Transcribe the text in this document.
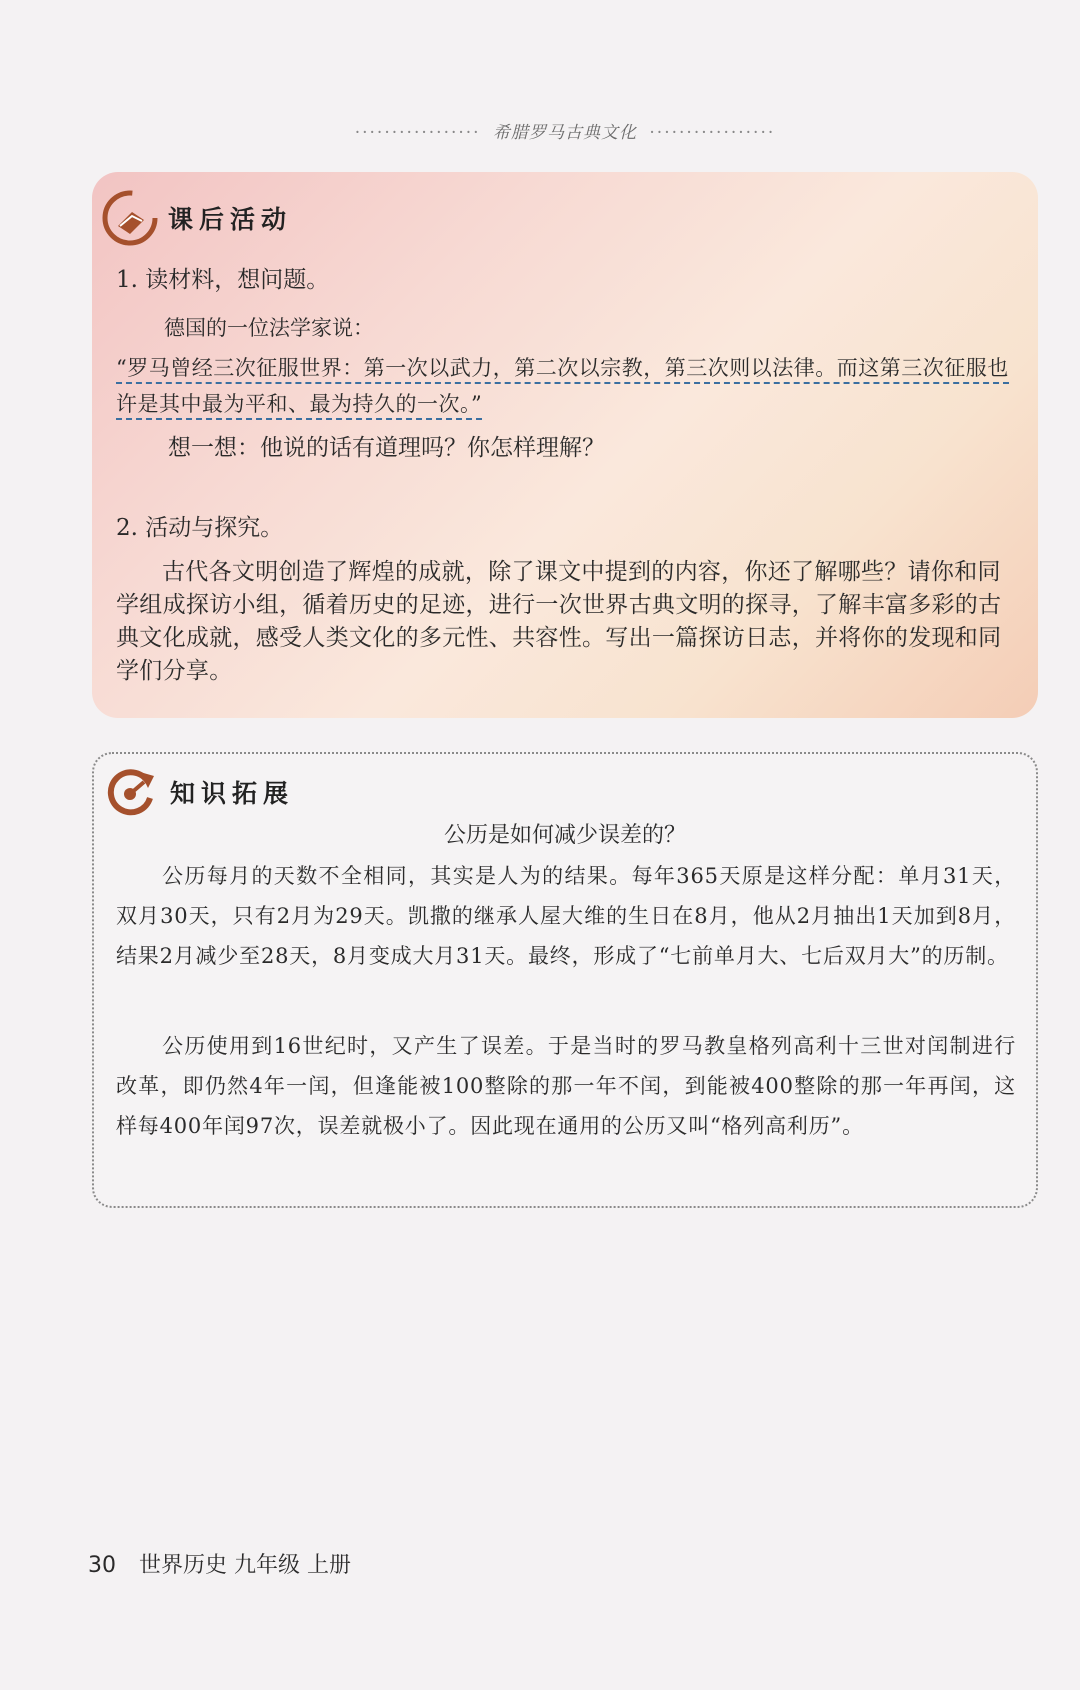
················· 希腊罗马古典文化 ·················
课后活动
1. 读材料，想问题。
德国的一位法学家说：
“罗马曾经三次征服世界：第一次以武力，第二次以宗教，第三次则以法律。而这第三次征服也许是其中最为平和、最为持久的一次。”
想一想：他说的话有道理吗？你怎样理解？
2. 活动与探究。
古代各文明创造了辉煌的成就，除了课文中提到的内容，你还了解哪些？请你和同学组成探访小组，循着历史的足迹，进行一次世界古典文明的探寻，了解丰富多彩的古典文化成就，感受人类文化的多元性、共容性。写出一篇探访日志，并将你的发现和同学们分享。
知识拓展
公历是如何减少误差的？
公历每月的天数不全相同，其实是人为的结果。每年365天原是这样分配：单月31天，双月30天，只有2月为29天。凯撒的继承人屋大维的生日在8月，他从2月抽出1天加到8月，结果2月减少至28天，8月变成大月31天。最终，形成了“七前单月大、七后双月大”的历制。
公历使用到16世纪时，又产生了误差。于是当时的罗马教皇格列高利十三世对闰制进行改革，即仍然4年一闰，但逢能被100整除的那一年不闰，到能被400整除的那一年再闰，这样每400年闰97次，误差就极小了。因此现在通用的公历又叫“格列高利历”。
30 世界历史 九年级 上册
